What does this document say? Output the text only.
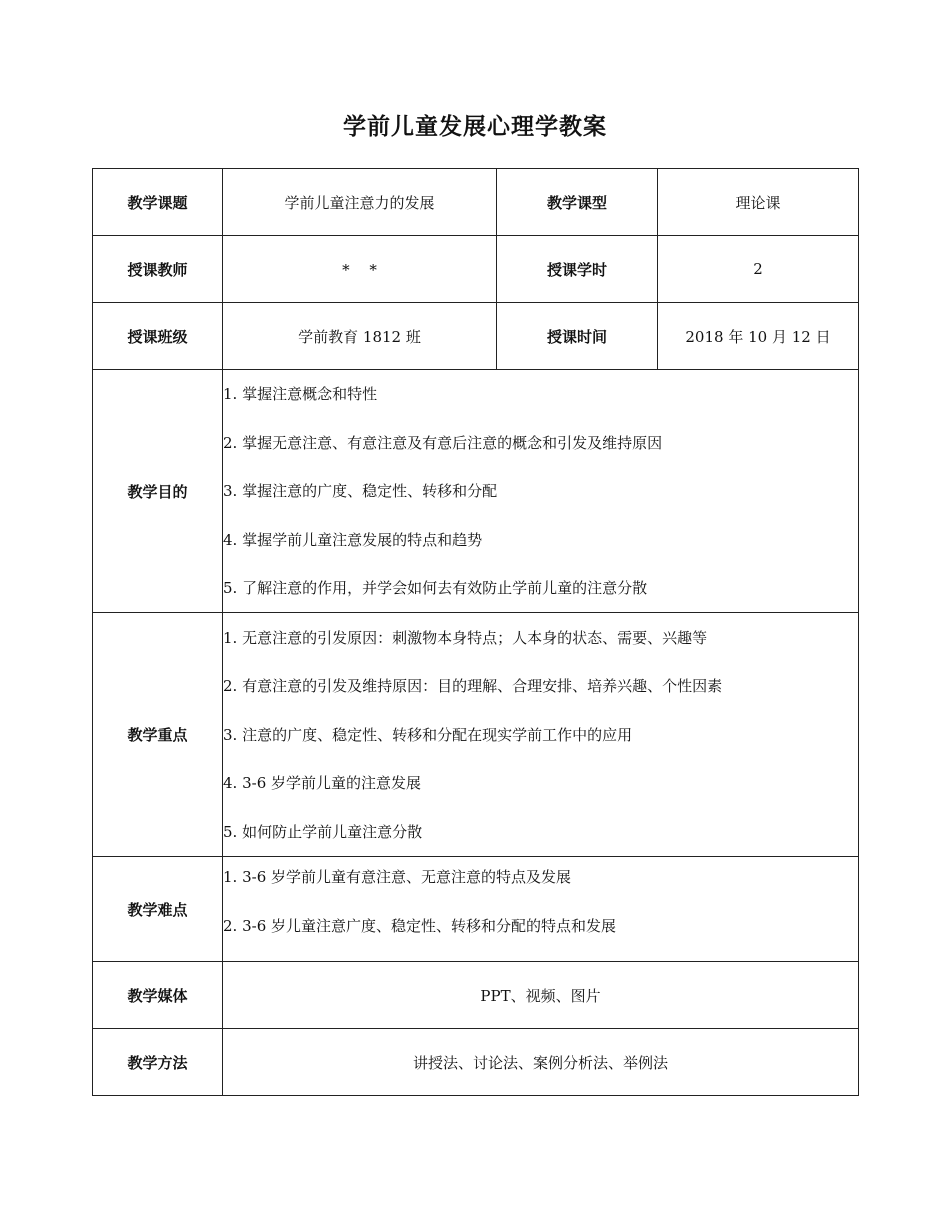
学前儿童发展心理学教案
教学课题	学前儿童注意力的发展	教学课型	理论课
授课教师	*　 *	授课学时	2
授课班级	学前教育 1812 班	授课时间	2018 年 10 月 12 日
教学目的	1. 掌握注意概念和特性
2. 掌握无意注意、有意注意及有意后注意的概念和引发及维持原因
3. 掌握注意的广度、稳定性、转移和分配
4. 掌握学前儿童注意发展的特点和趋势
5. 了解注意的作用，并学会如何去有效防止学前儿童的注意分散		

教学重点	1. 无意注意的引发原因：刺激物本身特点；人本身的状态、需要、兴趣等
2. 有意注意的引发及维持原因：目的理解、合理安排、培养兴趣、个性因素
3. 注意的广度、稳定性、转移和分配在现实学前工作中的应用
4. 3-6 岁学前儿童的注意发展
5. 如何防止学前儿童注意分散		

教学难点	1. 3-6 岁学前儿童有意注意、无意注意的特点及发展
2. 3-6 岁儿童注意广度、稳定性、转移和分配的特点和发展		

教学媒体	PPT、视频、图片		
教学方法	讲授法、讨论法、案例分析法、举例法		
